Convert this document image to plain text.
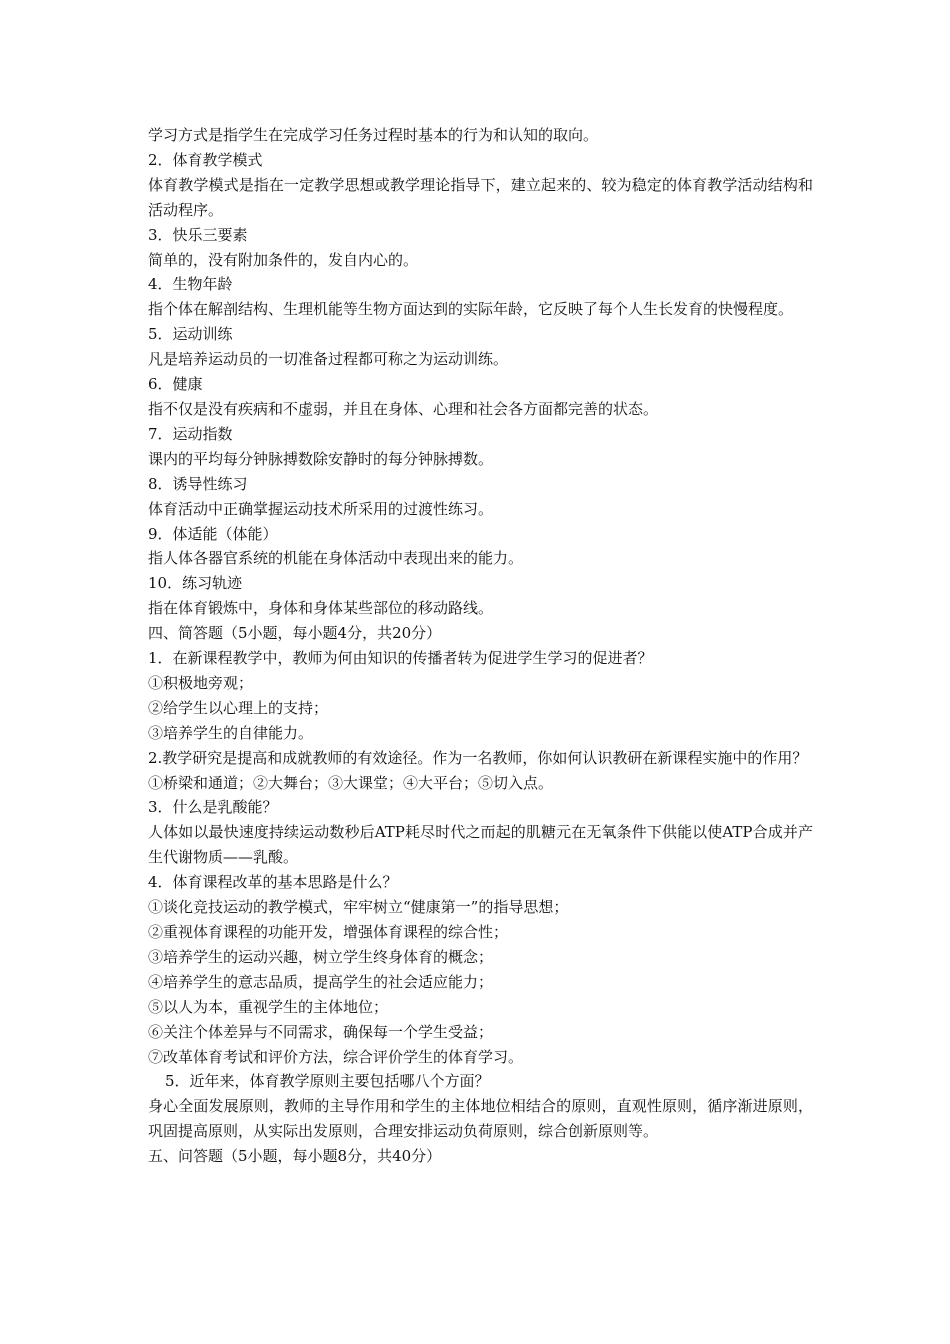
学习方式是指学生在完成学习任务过程时基本的行为和认知的取向。
2．体育教学模式
体育教学模式是指在一定教学思想或教学理论指导下，建立起来的、较为稳定的体育教学活动结构和活动程序。
3．快乐三要素
简单的，没有附加条件的，发自内心的。
4．生物年龄
指个体在解剖结构、生理机能等生物方面达到的实际年龄，它反映了每个人生长发育的快慢程度。
5．运动训练
凡是培养运动员的一切准备过程都可称之为运动训练。
6．健康
指不仅是没有疾病和不虚弱，并且在身体、心理和社会各方面都完善的状态。
7．运动指数
课内的平均每分钟脉搏数除安静时的每分钟脉搏数。
8．诱导性练习
体育活动中正确掌握运动技术所采用的过渡性练习。
9．体适能（体能）
指人体各器官系统的机能在身体活动中表现出来的能力。
10．练习轨迹
指在体育锻炼中，身体和身体某些部位的移动路线。
四、简答题（5小题，每小题4分，共20分）
1．在新课程教学中，教师为何由知识的传播者转为促进学生学习的促进者？
①积极地旁观；
②给学生以心理上的支持；
③培养学生的自律能力。
2.教学研究是提高和成就教师的有效途径。作为一名教师，你如何认识教研在新课程实施中的作用？
①桥梁和通道；②大舞台；③大课堂；④大平台；⑤切入点。
3．什么是乳酸能？
人体如以最快速度持续运动数秒后ATP耗尽时代之而起的肌糖元在无氧条件下供能以使ATP合成并产生代谢物质——乳酸。
4．体育课程改革的基本思路是什么？
①谈化竞技运动的教学模式，牢牢树立“健康第一”的指导思想；
②重视体育课程的功能开发，增强体育课程的综合性；
③培养学生的运动兴趣，树立学生终身体育的概念；
④培养学生的意志品质，提高学生的社会适应能力；
⑤以人为本，重视学生的主体地位；
⑥关注个体差异与不同需求，确保每一个学生受益；
⑦改革体育考试和评价方法，综合评价学生的体育学习。
5．近年来，体育教学原则主要包括哪八个方面？
身心全面发展原则，教师的主导作用和学生的主体地位相结合的原则，直观性原则，循序渐进原则，巩固提高原则，从实际出发原则，合理安排运动负荷原则，综合创新原则等。
五、问答题（5小题，每小题8分，共40分）
